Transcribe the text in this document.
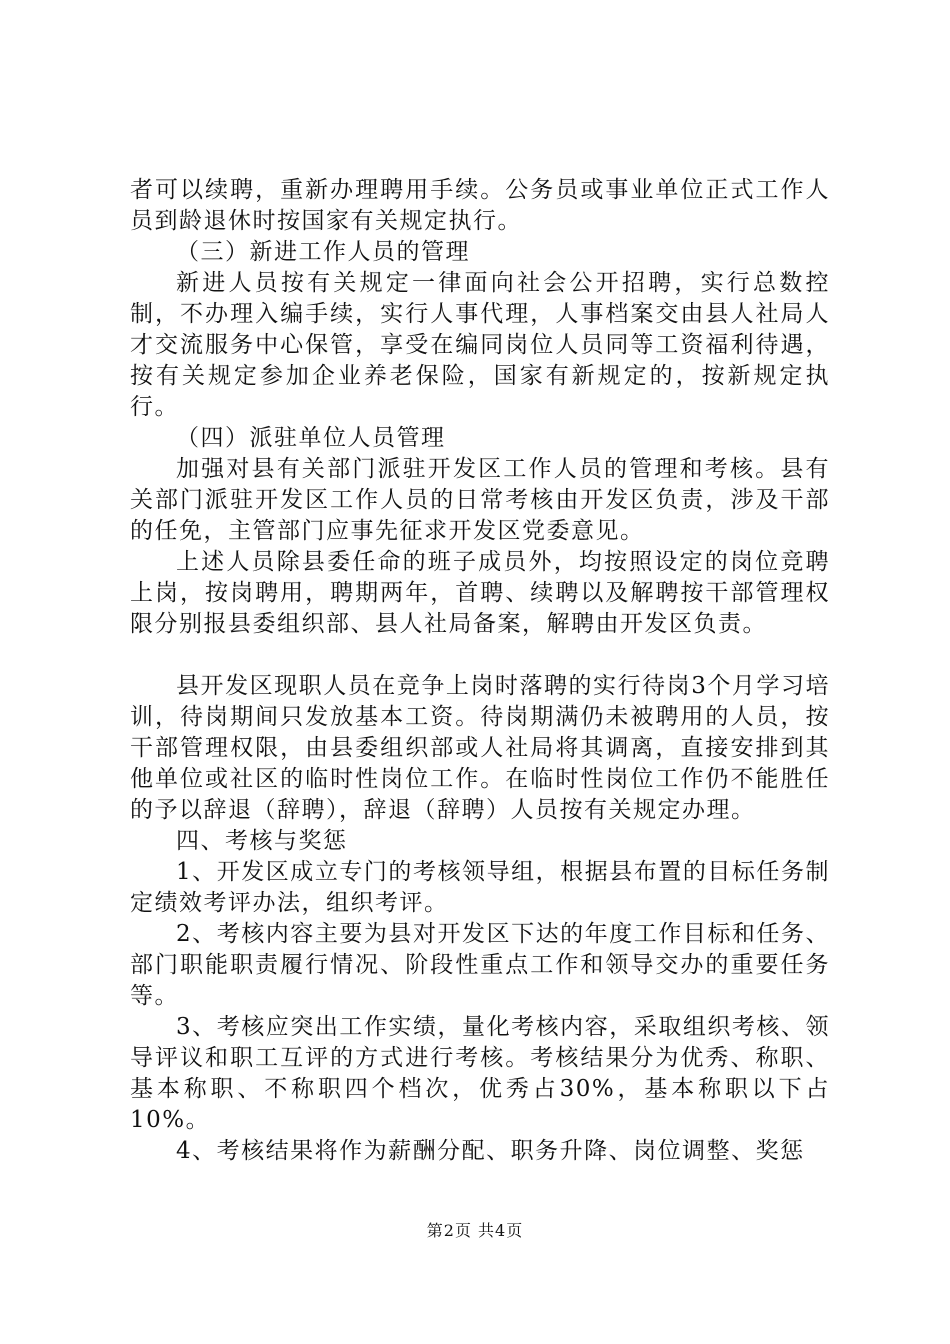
者可以续聘，重新办理聘用手续。公务员或事业单位正式工作人员到龄退休时按国家有关规定执行。

（三）新进工作人员的管理

新进人员按有关规定一律面向社会公开招聘，实行总数控制，不办理入编手续，实行人事代理，人事档案交由县人社局人才交流服务中心保管，享受在编同岗位人员同等工资福利待遇，按有关规定参加企业养老保险，国家有新规定的，按新规定执行。

（四）派驻单位人员管理

加强对县有关部门派驻开发区工作人员的管理和考核。县有关部门派驻开发区工作人员的日常考核由开发区负责，涉及干部的任免，主管部门应事先征求开发区党委意见。

上述人员除县委任命的班子成员外，均按照设定的岗位竞聘上岗，按岗聘用，聘期两年，首聘、续聘以及解聘按干部管理权限分别报县委组织部、县人社局备案，解聘由开发区负责。

县开发区现职人员在竞争上岗时落聘的实行待岗3个月学习培训，待岗期间只发放基本工资。待岗期满仍未被聘用的人员，按干部管理权限，由县委组织部或人社局将其调离，直接安排到其他单位或社区的临时性岗位工作。在临时性岗位工作仍不能胜任的予以辞退（辞聘），辞退（辞聘）人员按有关规定办理。

四、考核与奖惩

1、开发区成立专门的考核领导组，根据县布置的目标任务制定绩效考评办法，组织考评。

2、考核内容主要为县对开发区下达的年度工作目标和任务、部门职能职责履行情况、阶段性重点工作和领导交办的重要任务等。

3、考核应突出工作实绩，量化考核内容，采取组织考核、领导评议和职工互评的方式进行考核。考核结果分为优秀、称职、基本称职、不称职四个档次，优秀占30%，基本称职以下占10%。

4、考核结果将作为薪酬分配、职务升降、岗位调整、奖惩

第2页 共4页
